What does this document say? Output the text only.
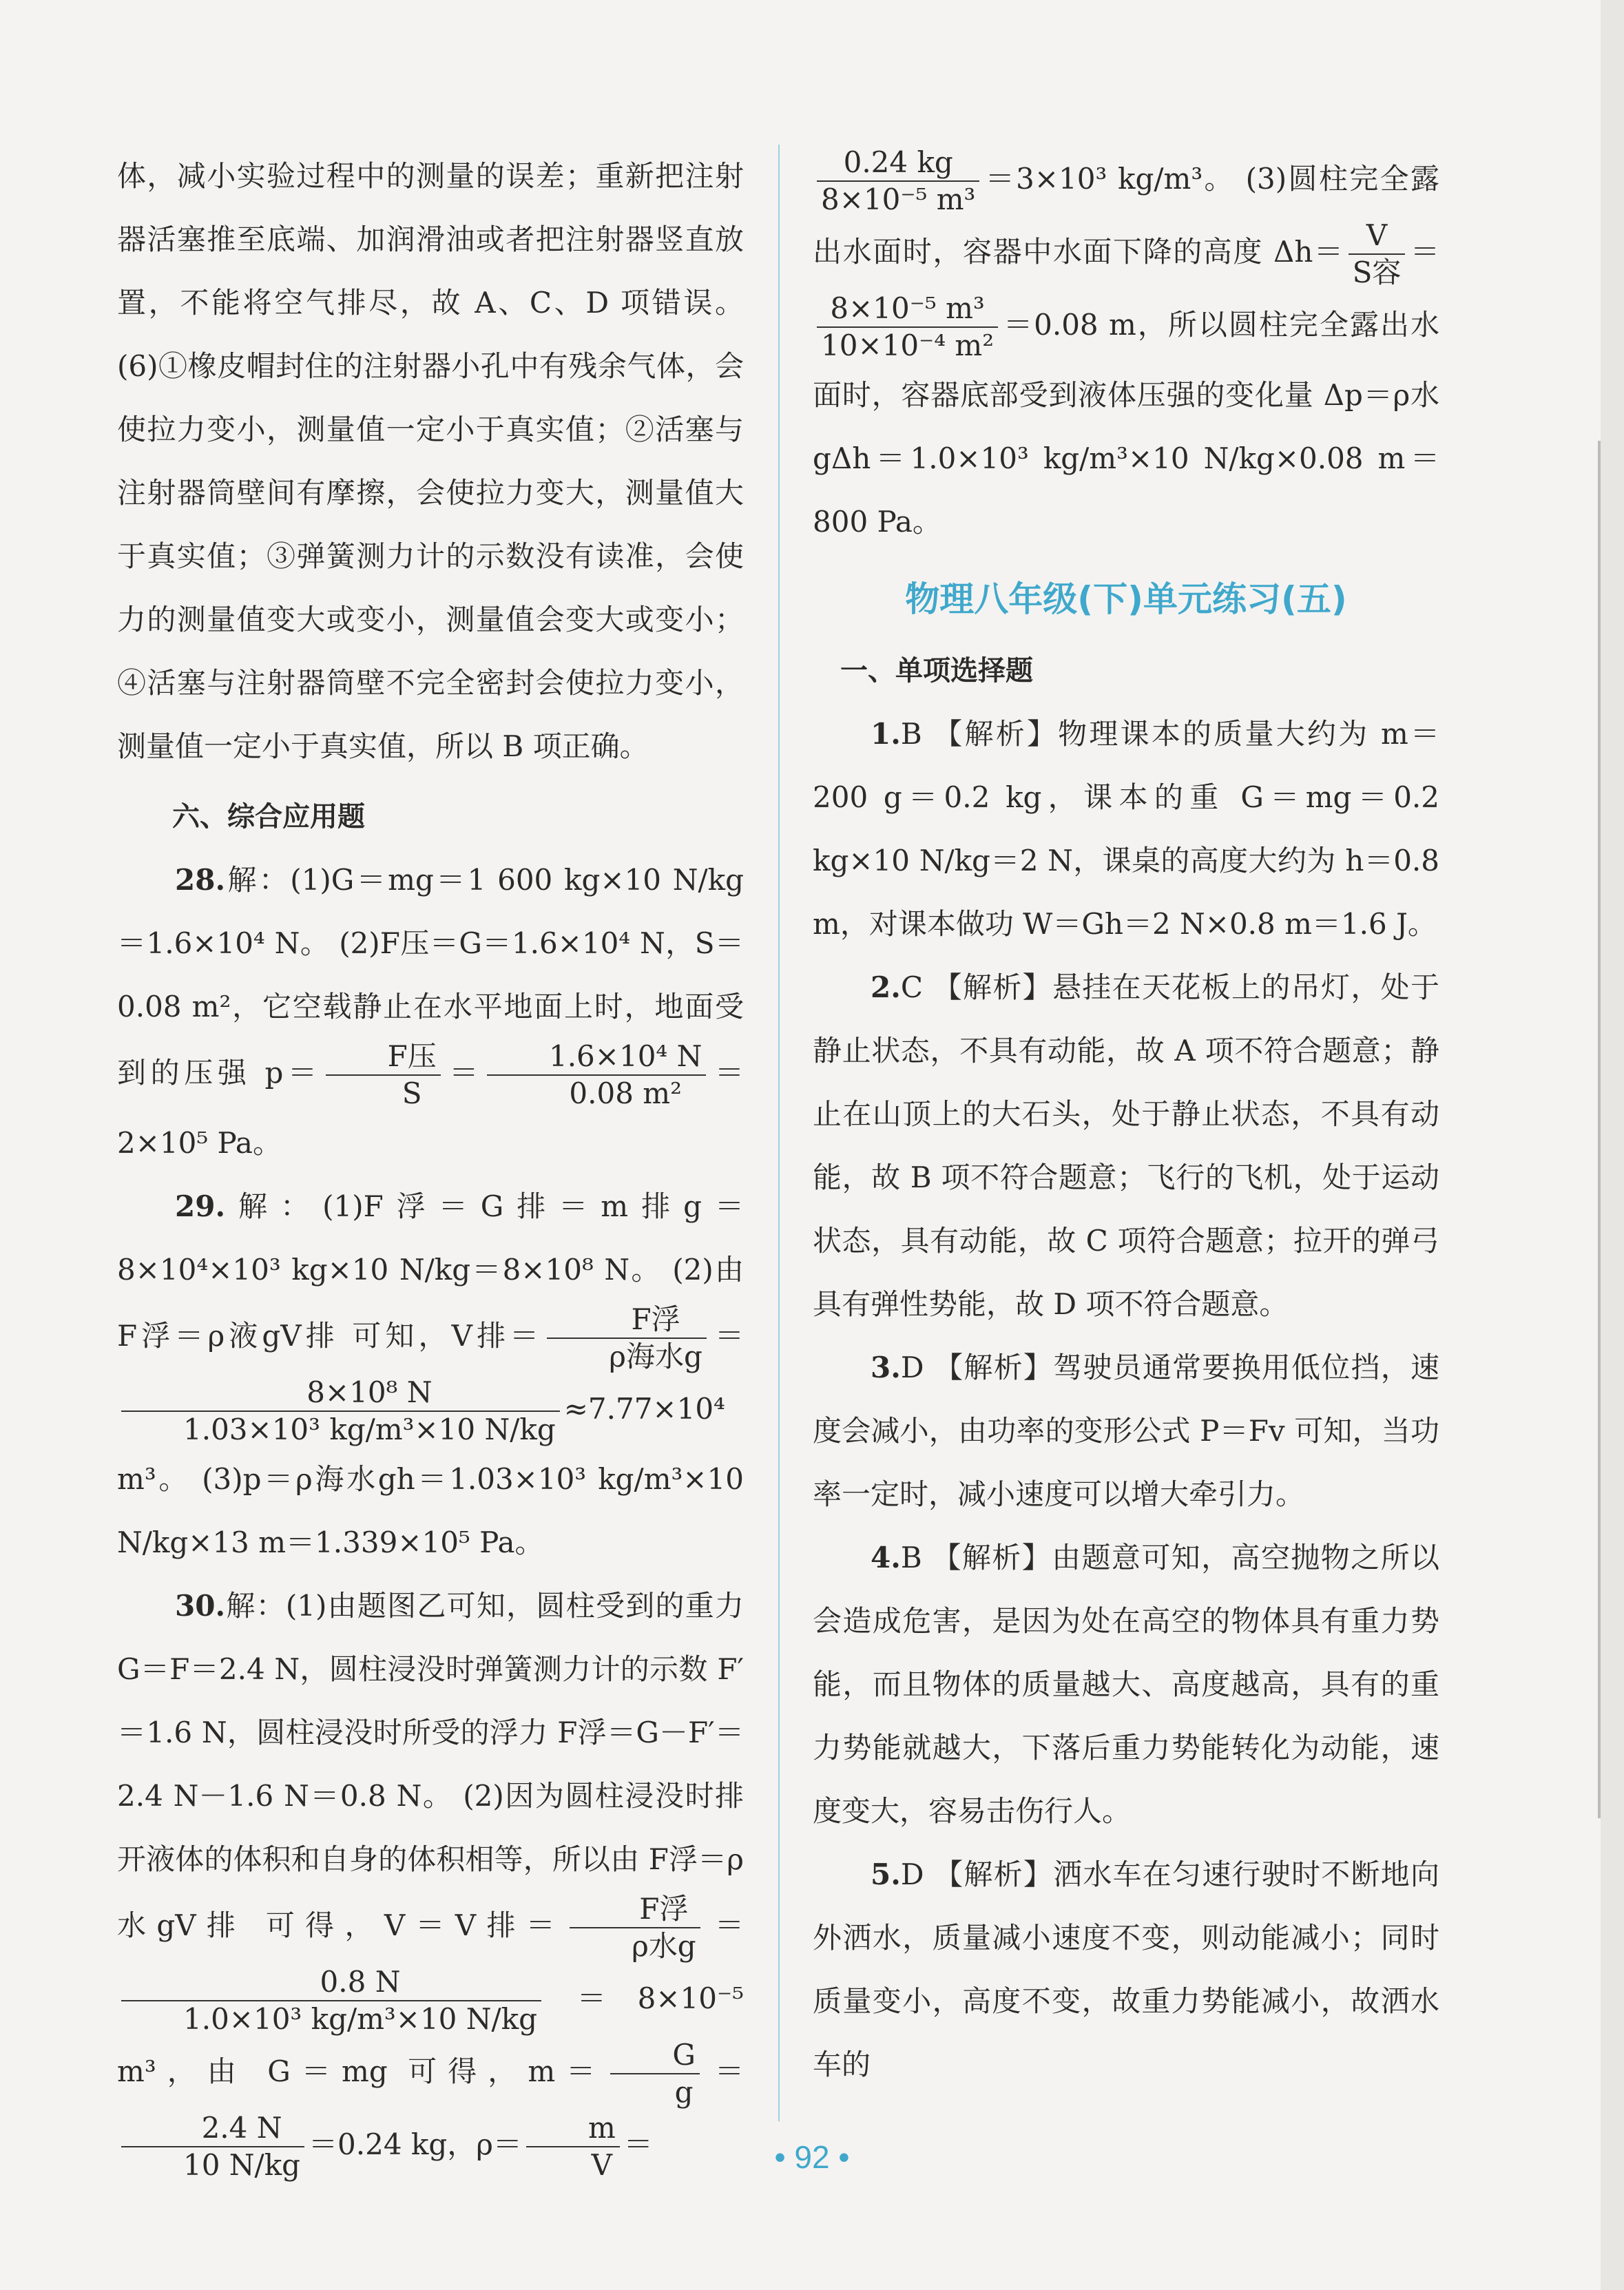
体，减小实验过程中的测量的误差；重新把注射器活塞推至底端、加润滑油或者把注射器竖直放置，不能将空气排尽，故 A、C、D 项错误。(6)①橡皮帽封住的注射器小孔中有残余气体，会使拉力变小，测量值一定小于真实值；②活塞与注射器筒壁间有摩擦，会使拉力变大，测量值大于真实值；③弹簧测力计的示数没有读准，会使力的测量值变大或变小，测量值会变大或变小；④活塞与注射器筒壁不完全密封会使拉力变小，测量值一定小于真实值，所以 B 项正确。

六、综合应用题

28.解：(1)G＝mg＝1 600 kg×10 N/kg＝1.6×10⁴ N。 (2)F压＝G＝1.6×10⁴ N，S＝0.08 m²，它空载静止在水平地面上时，地面受到的压强 $p= \frac{\text{F压}}{S} = \frac{\text{1.6×10⁴ N}}{\text{0.08 m²}} =2\times 10^5$ Pa。

29.解：(1)F浮＝G排＝m排g＝8×10⁴×10³ kg×10 N/kg＝8×10⁸ N。 (2)由 F浮＝ρ液gV排 可知，V排＝ $\frac{\text{F浮}}{\text{ρ海水g}}$ ＝
$\frac{\text{8×10⁸ N}}{\text{1.03×10³ kg/m³×10 N/kg}} \approx 7.77\times 10^4$ m³。 (3)p＝ρ海水gh＝1.03×10³ kg/m³×10 N/kg×13 m＝1.339×10⁵ Pa。

30.解：(1)由题图乙可知，圆柱受到的重力 G＝F＝2.4 N，圆柱浸没时弹簧测力计的示数 F′＝1.6 N，圆柱浸没时所受的浮力 F浮＝G－F′＝2.4 N－1.6 N＝0.8 N。 (2)因为圆柱浸没时排开液体的体积和自身的体积相等，所以由 F浮＝ρ水gV排 可得，V＝V排＝ $\frac{\text{F浮}}{\text{ρ水g}}$ ＝
$\frac{0.8 N}{\text{1.0×10³ kg/m³×10 N/kg}} =8\times 10^{-5}$ m³，由 G＝mg 可得，$m= \frac{G}{g}$ ＝
$\frac{2.4 N}{10 N/kg} =0.24$ kg，$\rho= \frac{m}{V}$ ＝

$\frac{0.24 kg}{\text{8×10⁻⁵ m³}} =3\times 10^3$ kg/m³。 (3)圆柱完全露出水面时，容器中水面下降的高度 $\Delta h= \frac{V}{\text{S容}}$ ＝
$\frac{\text{8×10⁻⁵ m³}}{\text{10×10⁻⁴ m²}} =0.08$ m，所以圆柱完全露出水面时，容器底部受到液体压强的变化量 Δp＝ρ水gΔh＝1.0×10³ kg/m³×10 N/kg×0.08 m＝800 Pa。

物理八年级(下)单元练习(五)

一、单项选择题

1.B 【解析】物理课本的质量大约为 m＝200 g＝0.2 kg，课本的重 G＝mg＝0.2 kg×10 N/kg＝2 N，课桌的高度大约为 h＝0.8 m，对课本做功 W＝Gh＝2 N×0.8 m＝1.6 J。

2.C 【解析】悬挂在天花板上的吊灯，处于静止状态，不具有动能，故 A 项不符合题意；静止在山顶上的大石头，处于静止状态，不具有动能，故 B 项不符合题意；飞行的飞机，处于运动状态，具有动能，故 C 项符合题意；拉开的弹弓具有弹性势能，故 D 项不符合题意。

3.D 【解析】驾驶员通常要换用低位挡，速度会减小，由功率的变形公式 P＝Fv 可知，当功率一定时，减小速度可以增大牵引力。

4.B 【解析】由题意可知，高空抛物之所以会造成危害，是因为处在高空的物体具有重力势能，而且物体的质量越大、高度越高，具有的重力势能就越大，下落后重力势能转化为动能，速度变大，容易击伤行人。

5.D 【解析】洒水车在匀速行驶时不断地向外洒水，质量减小速度不变，则动能减小；同时质量变小，高度不变，故重力势能减小，故洒水车的

• 92 •
